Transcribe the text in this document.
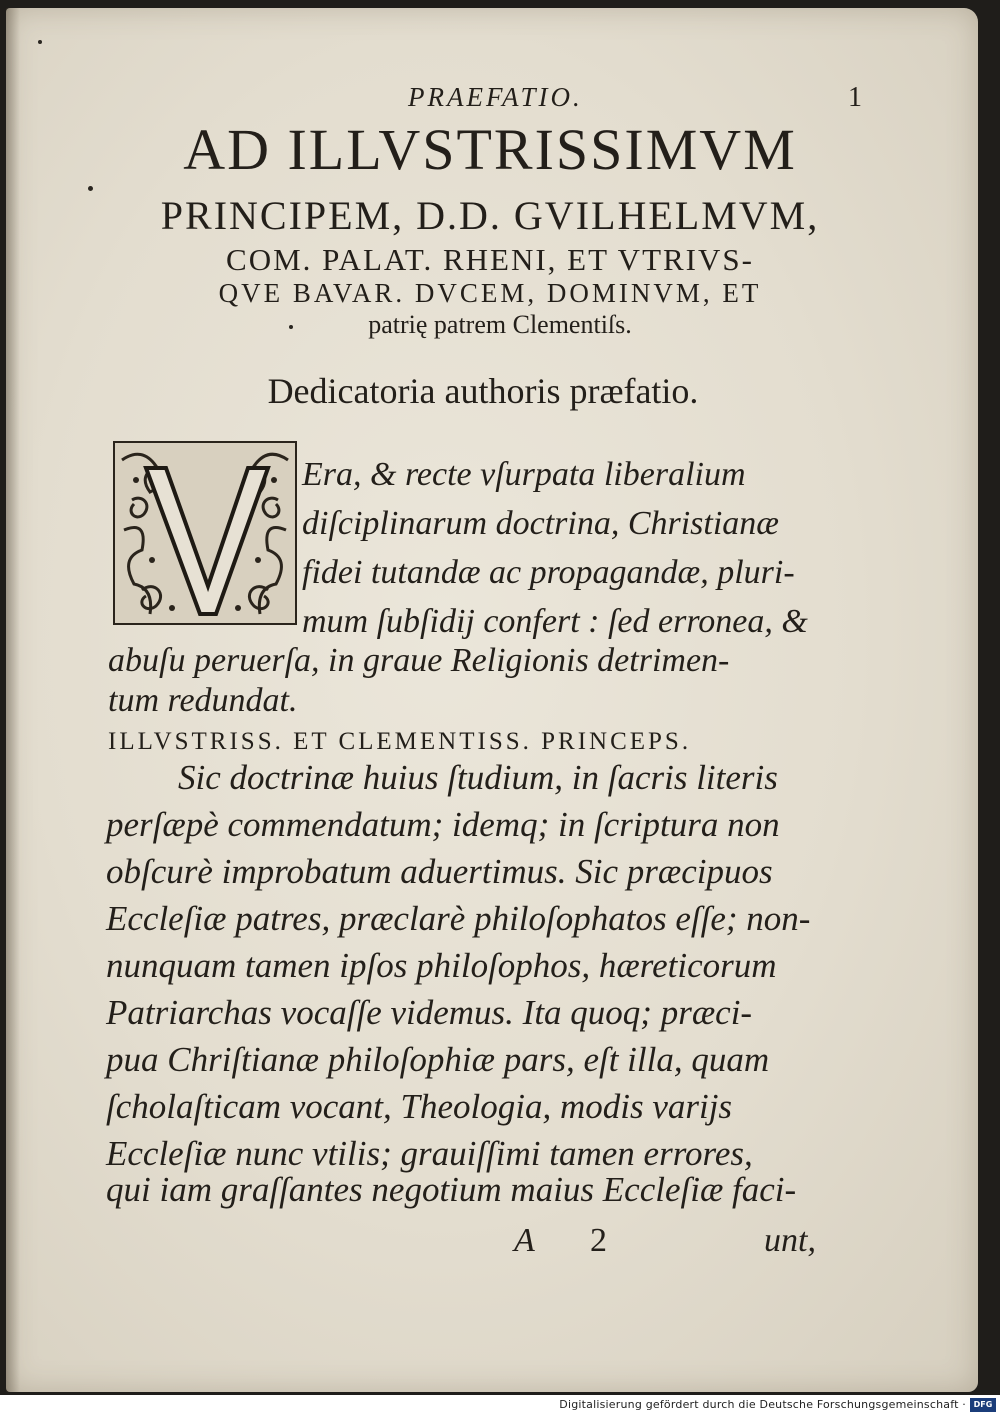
PRAEFATIO.	1
AD ILLVSTRISSIMVM
PRINCIPEM, D.D. GVILHELMVM,
COM. PALAT. RHENI, ET VTRIVS-
QVE BAVAR. DVCEM, DOMINVM, ET
patrię patrem Clementiſs.
Dedicatoria authoris præfatio.
Era, & recte vſurpata liberalium
diſciplinarum doctrina, Christianæ
fidei tutandæ ac propagandæ, pluri-
mum ſubſidij confert : ſed erronea, &
abuſu peruerſa, in graue Religionis detrimen-
tum redundat.
ILLVSTRISS. ET CLEMENTISS. PRINCEPS.
Sic doctrinæ huius ſtudium, in ſacris literis
perſæpè commendatum; idemq; in ſcriptura non
obſcurè improbatum aduertimus. Sic præcipuos
Eccleſiæ patres, præclarè philoſophatos eſſe; non-
nunquam tamen ipſos philoſophos, hæreticorum
Patriarchas vocaſſe videmus. Ita quoq; præci-
pua Chriſtianæ philoſophiæ pars, eſt illa, quam
ſcholaſticam vocant, Theologia, modis varijs
Eccleſiæ nunc vtilis; grauiſſimi tamen errores,
qui iam graſſantes negotium maius Eccleſiæ faci-
A 2	unt,
Digitalisierung gefördert durch die Deutsche Forschungsgemeinschaft · DFG
